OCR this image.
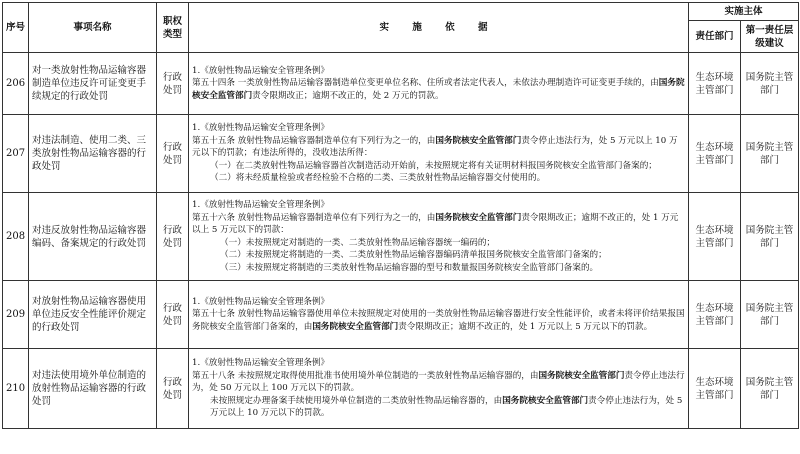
序号	事项名称	职权类型	实 施 依 据	实施主体	
				责任部门	第一责任层级建议
206	对一类放射性物品运输容器制造单位违反许可证变更手续规定的行政处罚	行政处罚	1.《放射性物品运输安全管理条例》
第五十四条 一类放射性物品运输容器制造单位变更单位名称、住所或者法定代表人，未依法办理制造许可证变更手续的，由国务院核安全监管部门责令限期改正；逾期不改正的，处 2 万元的罚款。	生态环境主管部门	国务院主管部门
207	对违法制造、使用二类、三类放射性物品运输容器的行政处罚	行政处罚	1.《放射性物品运输安全管理条例》
第五十五条 放射性物品运输容器制造单位有下列行为之一的，由国务院核安全监管部门责令停止违法行为，处 5 万元以上 10 万元以下的罚款；有违法所得的，没收违法所得：
（一）在二类放射性物品运输容器首次制造活动开始前，未按照规定将有关证明材料报国务院核安全监管部门备案的；
（二）将未经质量检验或者经检验不合格的二类、三类放射性物品运输容器交付使用的。	生态环境主管部门	国务院主管部门
208	对违反放射性物品运输容器编码、备案规定的行政处罚	行政处罚	1.《放射性物品运输安全管理条例》
第五十六条 放射性物品运输容器制造单位有下列行为之一的，由国务院核安全监管部门责令限期改正；逾期不改正的，处 1 万元以上 5 万元以下的罚款：
（一）未按照规定对制造的一类、二类放射性物品运输容器统一编码的；
（二）未按照规定将制造的一类、二类放射性物品运输容器编码清单报国务院核安全监管部门备案的；
（三）未按照规定将制造的三类放射性物品运输容器的型号和数量报国务院核安全监管部门备案的。	生态环境主管部门	国务院主管部门
209	对放射性物品运输容器使用单位违反安全性能评价规定的行政处罚	行政处罚	1.《放射性物品运输安全管理条例》
第五十七条 放射性物品运输容器使用单位未按照规定对使用的一类放射性物品运输容器进行安全性能评价，或者未将评价结果报国务院核安全监管部门备案的，由国务院核安全监管部门责令限期改正；逾期不改正的，处 1 万元以上 5 万元以下的罚款。	生态环境主管部门	国务院主管部门
210	对违法使用境外单位制造的放射性物品运输容器的行政处罚	行政处罚	1.《放射性物品运输安全管理条例》
第五十八条 未按照规定取得使用批准书使用境外单位制造的一类放射性物品运输容器的，由国务院核安全监管部门责令停止违法行为，处 50 万元以上 100 万元以下的罚款。
未按照规定办理备案手续使用境外单位制造的二类放射性物品运输容器的，由国务院核安全监管部门责令停止违法行为，处 5 万元以上 10 万元以下的罚款。	生态环境主管部门	国务院主管部门
